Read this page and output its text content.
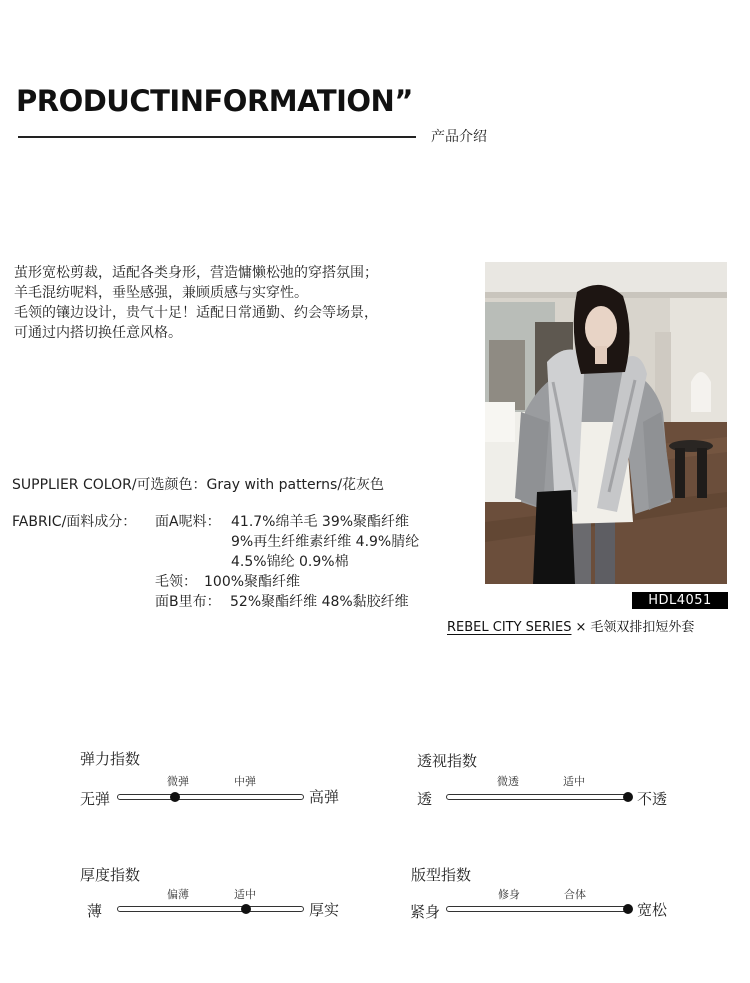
PRODUCTINFORMATION”
产品介绍
茧形宽松剪裁，适配各类身形，营造慵懒松弛的穿搭氛围；
羊毛混纺呢料，垂坠感强，兼顾质感与实穿性。
毛领的镶边设计，贵气十足！适配日常通勤、约会等场景，
可通过内搭切换任意风格。
SUPPLIER COLOR/可选颜色：Gray with patterns/花灰色
FABRIC/面料成分： 面A呢料： 41.7%绵羊毛 39%聚酯纤维
9%再生纤维素纤维 4.9%腈纶
4.5%锦纶 0.9%棉
毛领： 100%聚酯纤维
面B里布： 52%聚酯纤维 48%黏胶纤维	HDL4051
REBEL CITY SERIES × 毛领双排扣短外套
弹力指数
微弹	中弹
无弹	高弹
透视指数
微透	适中
透	不透
厚度指数
偏薄	适中
薄	厚实
版型指数
修身	合体
紧身	宽松
